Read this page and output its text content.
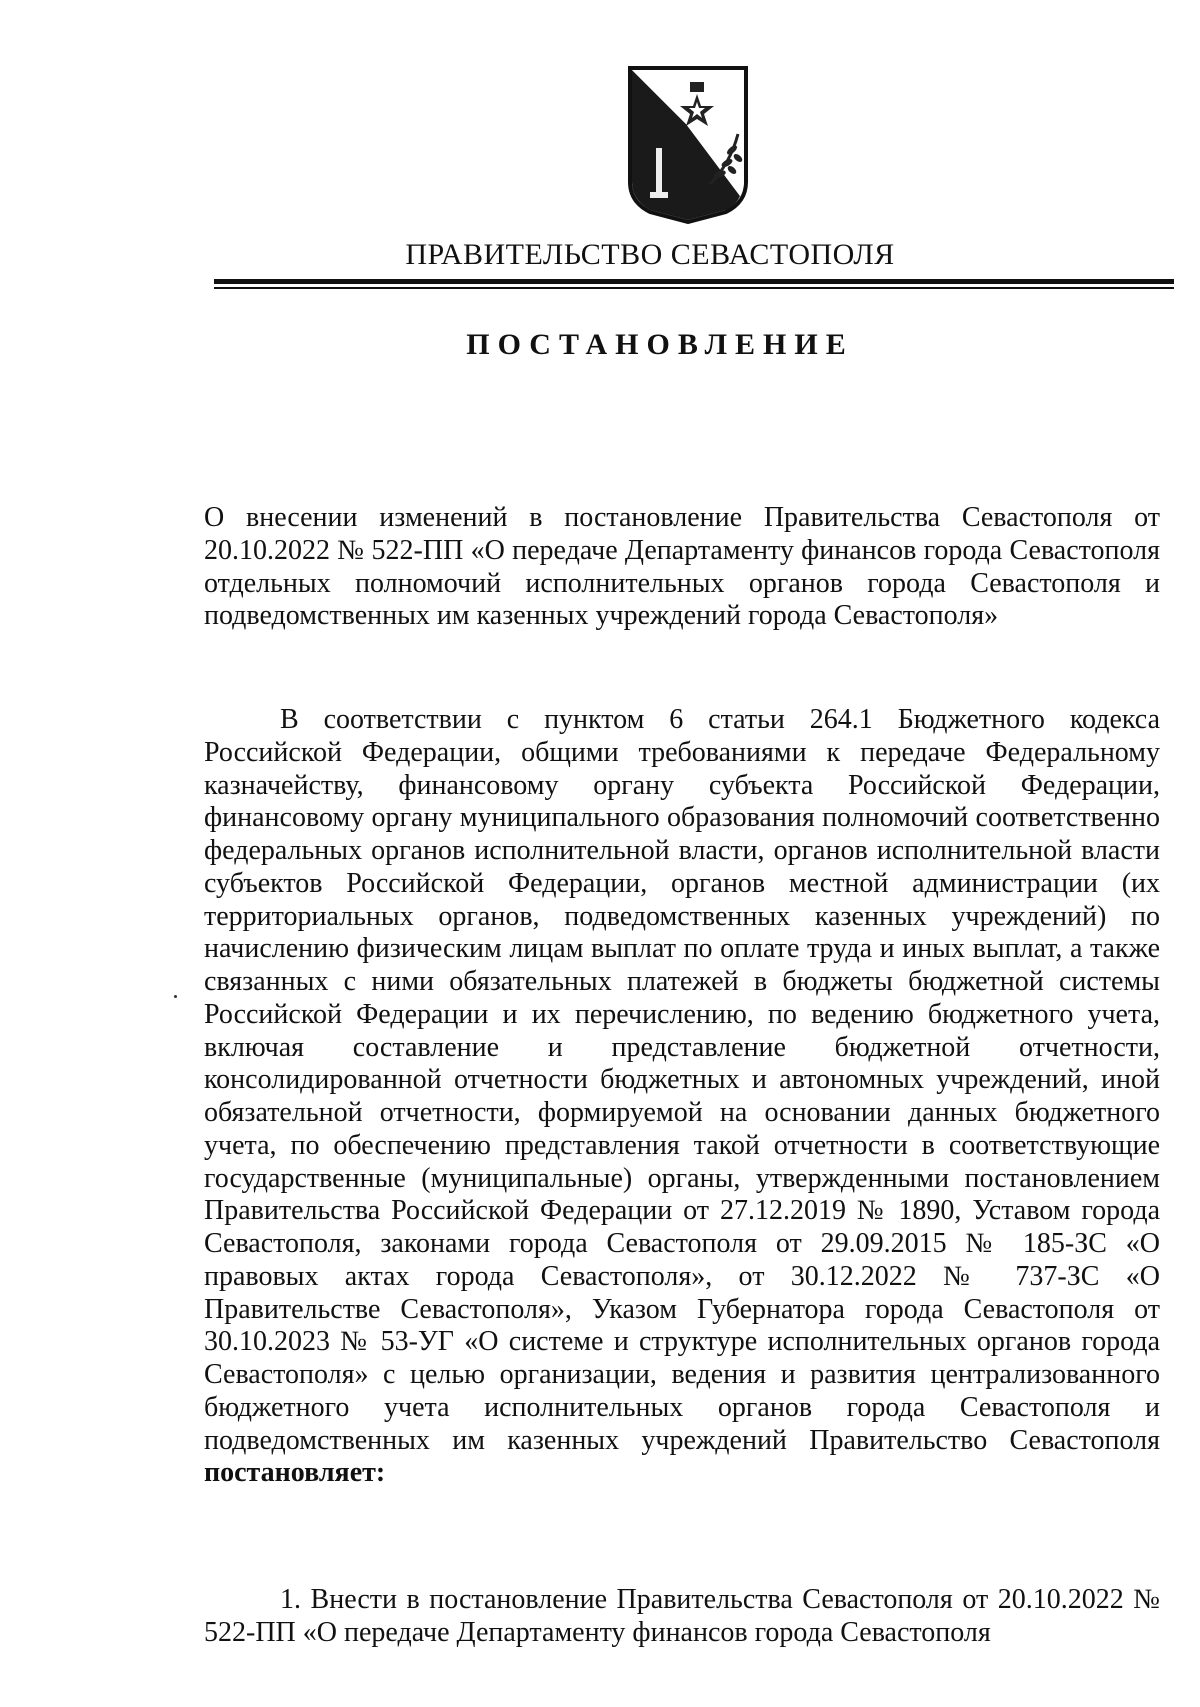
ПРАВИТЕЛЬСТВО СЕВАСТОПОЛЯ
ПОСТАНОВЛЕНИЕ

О внесении изменений в постановление Правительства Севастополя от 20.10.2022 № 522-ПП «О передаче Департаменту финансов города Севастополя отдельных полномочий исполнительных органов города Севастополя и подведомственных им казенных учреждений города Севастополя»

В соответствии с пунктом 6 статьи 264.1 Бюджетного кодекса Российской Федерации, общими требованиями к передаче Федеральному казначейству, финансовому органу субъекта Российской Федерации, финансовому органу муниципального образования полномочий соответственно федеральных органов исполнительной власти, органов исполнительной власти субъектов Российской Федерации, органов местной администрации (их территориальных органов, подведомственных казенных учреждений) по начислению физическим лицам выплат по оплате труда и иных выплат, а также связанных с ними обязательных платежей в бюджеты бюджетной системы Российской Федерации и их перечислению, по ведению бюджетного учета, включая составление и представление бюджетной отчетности, консолидированной отчетности бюджетных и автономных учреждений, иной обязательной отчетности, формируемой на основании данных бюджетного учета, по обеспечению представления такой отчетности в соответствующие государственные (муниципальные) органы, утвержденными постановлением Правительства Российской Федерации от 27.12.2019 № 1890, Уставом города Севастополя, законами города Севастополя от 29.09.2015 № 185-ЗС «О правовых актах города Севастополя», от 30.12.2022 № 737-ЗС «О Правительстве Севастополя», Указом Губернатора города Севастополя от 30.10.2023 № 53-УГ «О системе и структуре исполнительных органов города Севастополя» с целью организации, ведения и развития централизованного бюджетного учета исполнительных органов города Севастополя и подведомственных им казенных учреждений Правительство Севастополя постановляет:

1. Внести в постановление Правительства Севастополя от 20.10.2022 № 522-ПП «О передаче Департаменту финансов города Севастополя
